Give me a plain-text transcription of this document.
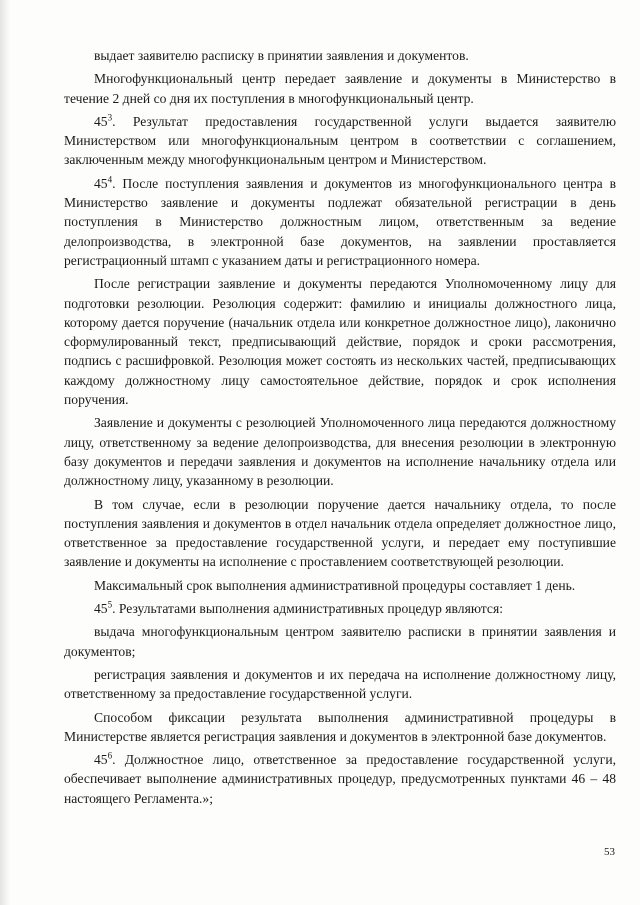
выдает заявителю расписку в принятии заявления и документов.

Многофункциональный центр передает заявление и документы в Министерство в течение 2 дней со дня их поступления в многофункциональный центр.

$45^3$. Результат предоставления государственной услуги выдается заявителю Министерством или многофункциональным центром в соответствии с соглашением, заключенным между многофункциональным центром и Министерством.

$45^4$. После поступления заявления и документов из многофункционального центра в Министерство заявление и документы подлежат обязательной регистрации в день поступления в Министерство должностным лицом, ответственным за ведение делопроизводства, в электронной базе документов, на заявлении проставляется регистрационный штамп с указанием даты и регистрационного номера.

После регистрации заявление и документы передаются Уполномоченному лицу для подготовки резолюции. Резолюция содержит: фамилию и инициалы должностного лица, которому дается поручение (начальник отдела или конкретное должностное лицо), лаконично сформулированный текст, предписывающий действие, порядок и сроки рассмотрения, подпись с расшифровкой. Резолюция может состоять из нескольких частей, предписывающих каждому должностному лицу самостоятельное действие, порядок и срок исполнения поручения.

Заявление и документы с резолюцией Уполномоченного лица передаются должностному лицу, ответственному за ведение делопроизводства, для внесения резолюции в электронную базу документов и передачи заявления и документов на исполнение начальнику отдела или должностному лицу, указанному в резолюции.

В том случае, если в резолюции поручение дается начальнику отдела, то после поступления заявления и документов в отдел начальник отдела определяет должностное лицо, ответственное за предоставление государственной услуги, и передает ему поступившие заявление и документы на исполнение с проставлением соответствующей резолюции.

Максимальный срок выполнения административной процедуры составляет 1 день.

$45^5$. Результатами выполнения административных процедур являются:

выдача многофункциональным центром заявителю расписки в принятии заявления и документов;

регистрация заявления и документов и их передача на исполнение должностному лицу, ответственному за предоставление государственной услуги.

Способом фиксации результата выполнения административной процедуры в Министерстве является регистрация заявления и документов в электронной базе документов.

$45^6$. Должностное лицо, ответственное за предоставление государственной услуги, обеспечивает выполнение административных процедур, предусмотренных пунктами 46 – 48 настоящего Регламента.»;

53
